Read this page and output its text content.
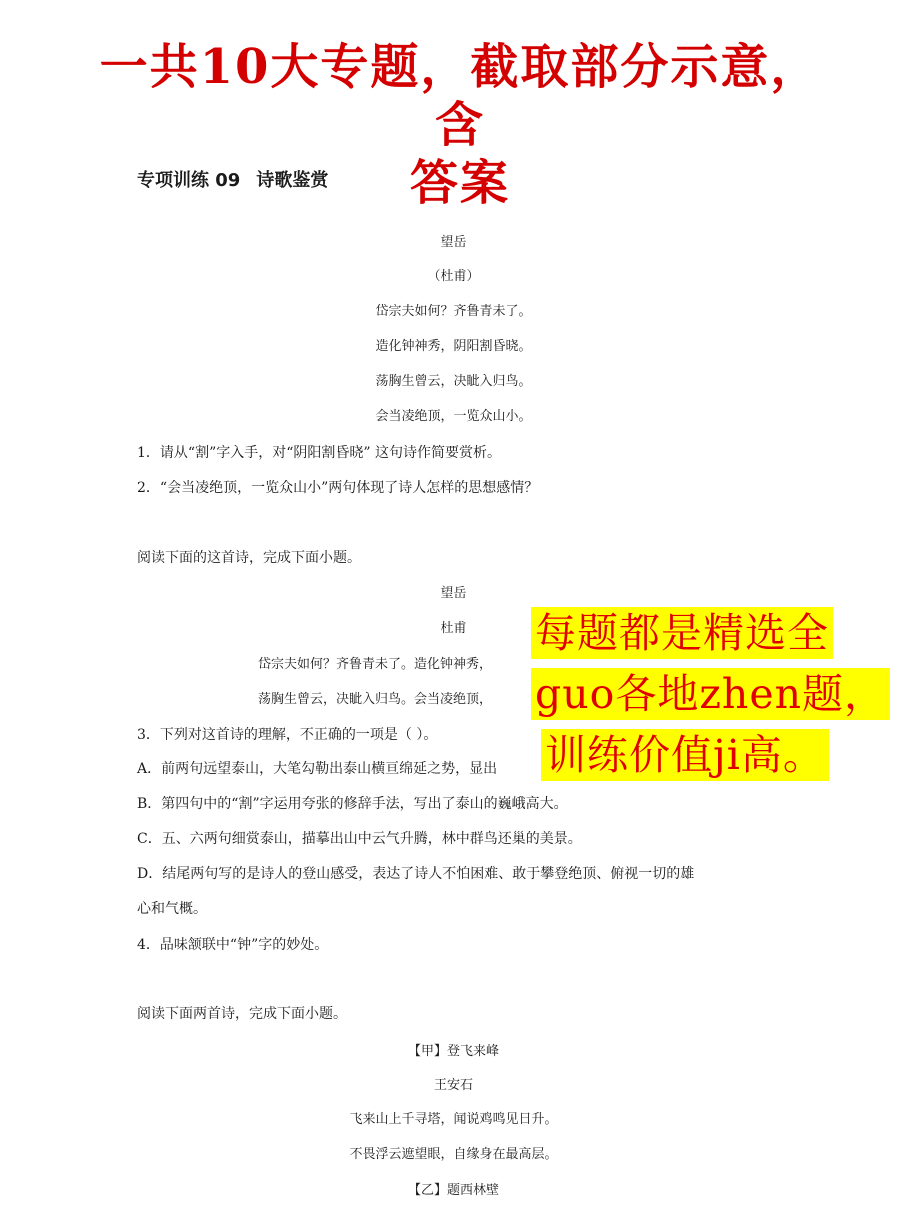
一共10大专题，截取部分示意，含
答案
专项训练 09 诗歌鉴赏
望岳
（杜甫）
岱宗夫如何？齐鲁青未了。
造化钟神秀，阴阳割昏晓。
荡胸生曾云，决眦入归鸟。
会当凌绝顶，一览众山小。
1．请从“割”字入手，对“阴阳割昏晓” 这句诗作简要赏析。
2．“会当凌绝顶，一览众山小”两句体现了诗人怎样的思想感情？
阅读下面的这首诗，完成下面小题。
望岳
杜甫
岱宗夫如何？齐鲁青未了。造化钟神秀，
荡胸生曾云，决眦入归鸟。会当凌绝顶，
3．下列对这首诗的理解，不正确的一项是（ ）。
A．前两句远望泰山，大笔勾勒出泰山横亘绵延之势，显出
B．第四句中的“割”字运用夸张的修辞手法，写出了泰山的巍峨高大。
C．五、六两句细赏泰山，描摹出山中云气升腾，林中群鸟还巢的美景。
D．结尾两句写的是诗人的登山感受，表达了诗人不怕困难、敢于攀登绝顶、俯视一切的雄
心和气概。
4．品味颔联中“钟”字的妙处。
阅读下面两首诗，完成下面小题。
【甲】登飞来峰
王安石
飞来山上千寻塔，闻说鸡鸣见日升。
不畏浮云遮望眼，自缘身在最高层。
【乙】题西林壁
每题都是精选全
guo各地zhen题，
训练价值ji高。
